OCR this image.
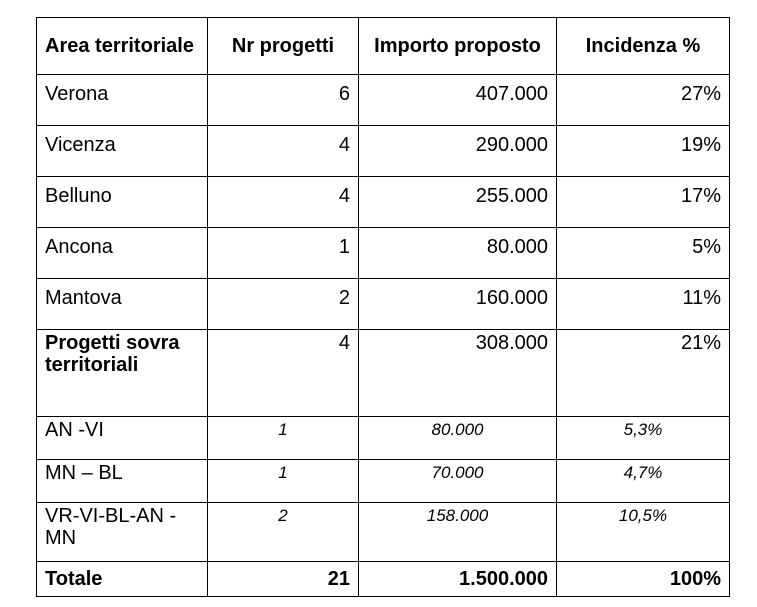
Area territoriale	Nr progetti	Importo proposto	Incidenza %
Verona	6	407.000	27%
Vicenza	4	290.000	19%
Belluno	4	255.000	17%
Ancona	1	80.000	5%
Mantova	2	160.000	11%
Progetti sovra territoriali	4	308.000	21%
AN -VI	1	80.000	5,3%
MN – BL	1	70.000	4,7%
VR-VI-BL-AN -MN	2	158.000	10,5%
Totale	21	1.500.000	100%
